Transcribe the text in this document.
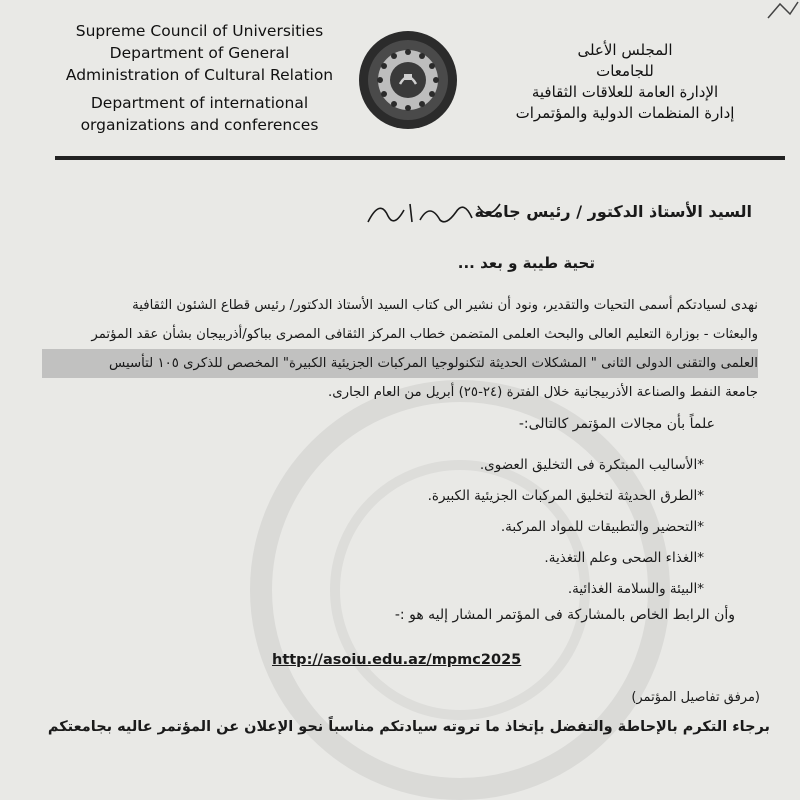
Supreme Council of Universities
Department of General
Administration of Cultural Relation
Department of international
organizations and conferences
المجلس الأعلى
للجامعات
الإدارة العامة للعلاقات الثقافية
إدارة المنظمات الدولية والمؤتمرات
السيد الأستاذ الدكتور / رئيس جامعة
تحية طيبة و بعد ...
نهدى لسيادتكم أسمى التحيات والتقدير، ونود أن نشير الى كتاب السيد الأستاذ الدكتور/ رئيس قطاع الشئون الثقافية
والبعثات - بوزارة التعليم العالى والبحث العلمى المتضمن خطاب المركز الثقافى المصرى بباكو/أذربيجان بشأن عقد المؤتمر
العلمى والتقنى الدولى الثانى " المشكلات الحديثة لتكنولوجيا المركبات الجزيئية الكبيرة" المخصص للذكرى ١٠٥ لتأسيس
جامعة النفط والصناعة الأذربيجانية خلال الفترة (٢٤-٢٥) أبريل من العام الجارى.
علماً بأن مجالات المؤتمر كالتالى:-
*الأساليب المبتكرة فى التخليق العضوى.
*الطرق الحديثة لتخليق المركبات الجزيئية الكبيرة.
*التحضير والتطبيقات للمواد المركبة.
*الغذاء الصحى وعلم التغذية.
*البيئة والسلامة الغذائية.
وأن الرابط الخاص بالمشاركة فى المؤتمر المشار إليه هو :-
http://asoiu.edu.az/mpmc2025
(مرفق تفاصيل المؤتمر)
برجاء التكرم بالإحاطة والتفضل بإتخاذ ما تروته سيادتكم مناسباً نحو الإعلان عن المؤتمر عاليه بجامعتكم
